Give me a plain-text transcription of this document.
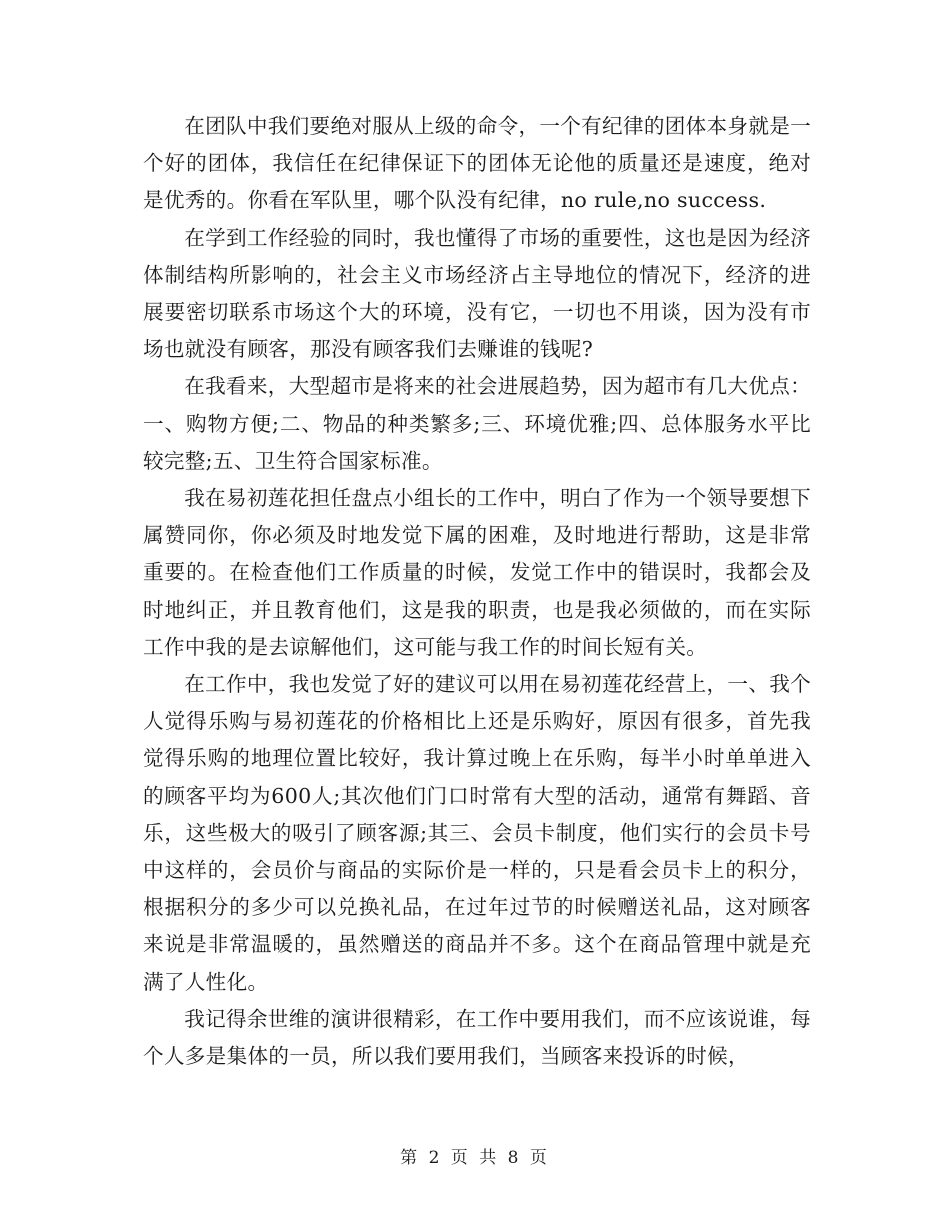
在团队中我们要绝对服从上级的命令，一个有纪律的团体本身就是一个好的团体，我信任在纪律保证下的团体无论他的质量还是速度，绝对是优秀的。你看在军队里，哪个队没有纪律，no rule,no success.

在学到工作经验的同时，我也懂得了市场的重要性，这也是因为经济体制结构所影响的，社会主义市场经济占主导地位的情况下，经济的进展要密切联系市场这个大的环境，没有它，一切也不用谈，因为没有市场也就没有顾客，那没有顾客我们去赚谁的钱呢?

在我看来，大型超市是将来的社会进展趋势，因为超市有几大优点：一、购物方便;二、物品的种类繁多;三、环境优雅;四、总体服务水平比较完整;五、卫生符合国家标准。

我在易初莲花担任盘点小组长的工作中，明白了作为一个领导要想下属赞同你，你必须及时地发觉下属的困难，及时地进行帮助，这是非常重要的。在检查他们工作质量的时候，发觉工作中的错误时，我都会及时地纠正，并且教育他们，这是我的职责，也是我必须做的，而在实际工作中我的是去谅解他们，这可能与我工作的时间长短有关。

在工作中，我也发觉了好的建议可以用在易初莲花经营上，一、我个人觉得乐购与易初莲花的价格相比上还是乐购好，原因有很多，首先我觉得乐购的地理位置比较好，我计算过晚上在乐购，每半小时单单进入的顾客平均为600人;其次他们门口时常有大型的活动，通常有舞蹈、音乐，这些极大的吸引了顾客源;其三、会员卡制度，他们实行的会员卡号中这样的，会员价与商品的实际价是一样的，只是看会员卡上的积分，根据积分的多少可以兑换礼品，在过年过节的时候赠送礼品，这对顾客来说是非常温暖的，虽然赠送的商品并不多。这个在商品管理中就是充满了人性化。

我记得余世维的演讲很精彩，在工作中要用我们，而不应该说谁，每个人多是集体的一员，所以我们要用我们，当顾客来投诉的时候，

第 2 页 共 8 页
